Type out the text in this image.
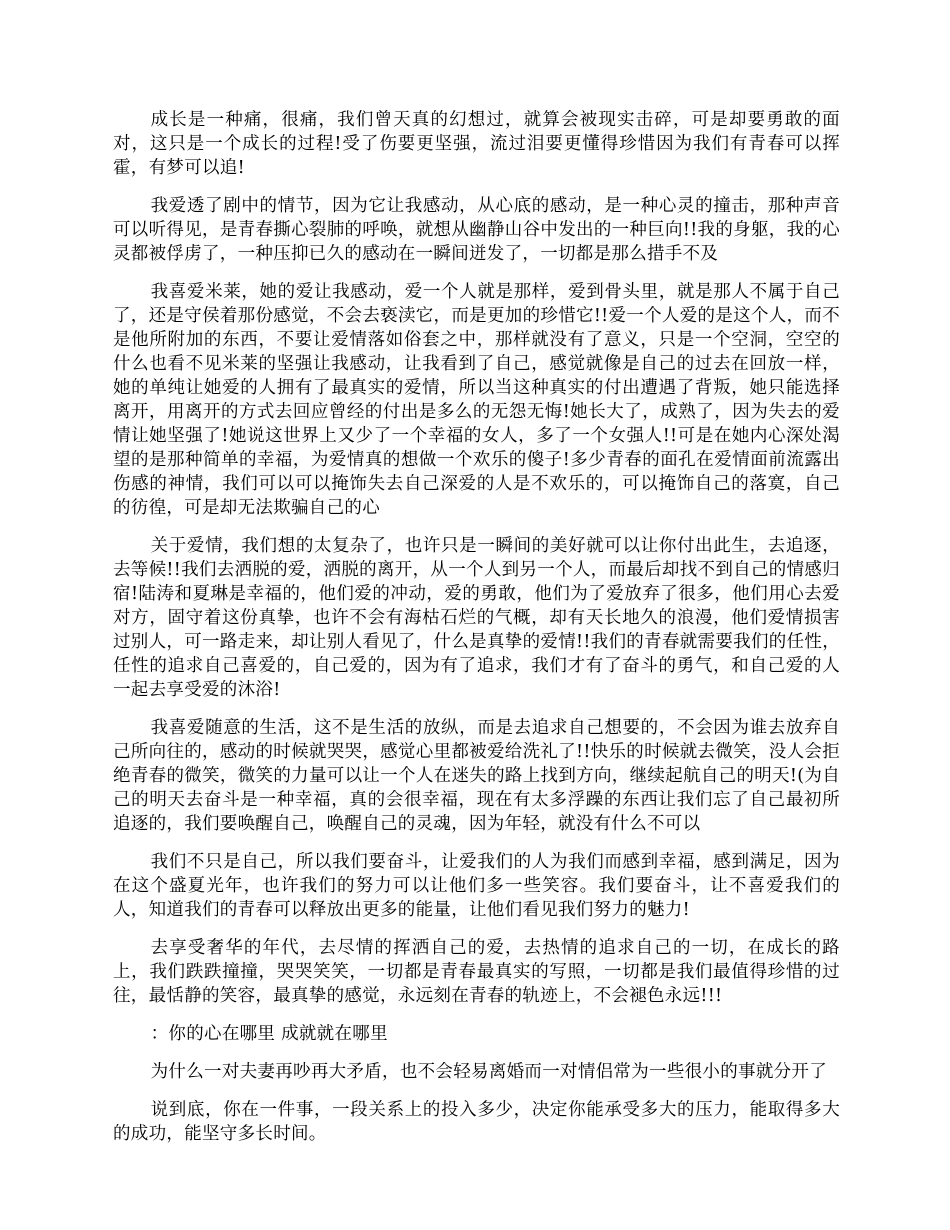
成长是一种痛，很痛，我们曾天真的幻想过，就算会被现实击碎，可是却要勇敢的面对，这只是一个成长的过程!受了伤要更坚强，流过泪要更懂得珍惜因为我们有青春可以挥霍，有梦可以追!

我爱透了剧中的情节，因为它让我感动，从心底的感动，是一种心灵的撞击，那种声音可以听得见，是青春撕心裂肺的呼唤，就想从幽静山谷中发出的一种巨向!!我的身躯，我的心灵都被俘虏了，一种压抑已久的感动在一瞬间迸发了，一切都是那么措手不及

我喜爱米莱，她的爱让我感动，爱一个人就是那样，爱到骨头里，就是那人不属于自己了，还是守侯着那份感觉，不会去亵渎它，而是更加的珍惜它!!爱一个人爱的是这个人，而不是他所附加的东西，不要让爱情落如俗套之中，那样就没有了意义，只是一个空洞，空空的什么也看不见米莱的坚强让我感动，让我看到了自己，感觉就像是自己的过去在回放一样，她的单纯让她爱的人拥有了最真实的爱情，所以当这种真实的付出遭遇了背叛，她只能选择离开，用离开的方式去回应曾经的付出是多么的无怨无悔!她长大了，成熟了，因为失去的爱情让她坚强了!她说这世界上又少了一个幸福的女人，多了一个女强人!!可是在她内心深处渴望的是那种简单的幸福，为爱情真的想做一个欢乐的傻子!多少青春的面孔在爱情面前流露出伤感的神情，我们可以可以掩饰失去自己深爱的人是不欢乐的，可以掩饰自己的落寞，自己的彷徨，可是却无法欺骗自己的心

关于爱情，我们想的太复杂了，也许只是一瞬间的美好就可以让你付出此生，去追逐，去等候!!我们去洒脱的爱，洒脱的离开，从一个人到另一个人，而最后却找不到自己的情感归宿!陆涛和夏琳是幸福的，他们爱的冲动，爱的勇敢，他们为了爱放弃了很多，他们用心去爱对方，固守着这份真挚，也许不会有海枯石烂的气概，却有天长地久的浪漫，他们爱情损害过别人，可一路走来，却让别人看见了，什么是真挚的爱情!!我们的青春就需要我们的任性，任性的追求自己喜爱的，自己爱的，因为有了追求，我们才有了奋斗的勇气，和自己爱的人一起去享受爱的沐浴!

我喜爱随意的生活，这不是生活的放纵，而是去追求自己想要的，不会因为谁去放弃自己所向往的，感动的时候就哭哭，感觉心里都被爱给洗礼了!!快乐的时候就去微笑，没人会拒绝青春的微笑，微笑的力量可以让一个人在迷失的路上找到方向，继续起航自己的明天!(为自己的明天去奋斗是一种幸福，真的会很幸福，现在有太多浮躁的东西让我们忘了自己最初所追逐的，我们要唤醒自己，唤醒自己的灵魂，因为年轻，就没有什么不可以

我们不只是自己，所以我们要奋斗，让爱我们的人为我们而感到幸福，感到满足，因为在这个盛夏光年，也许我们的努力可以让他们多一些笑容。我们要奋斗，让不喜爱我们的人，知道我们的青春可以释放出更多的能量，让他们看见我们努力的魅力!

去享受奢华的年代，去尽情的挥洒自己的爱，去热情的追求自己的一切，在成长的路上，我们跌跌撞撞，哭哭笑笑，一切都是青春最真实的写照，一切都是我们最值得珍惜的过往，最恬静的笑容，最真挚的感觉，永远刻在青春的轨迹上，不会褪色永远!!!

：你的心在哪里 成就就在哪里

为什么一对夫妻再吵再大矛盾，也不会轻易离婚而一对情侣常为一些很小的事就分开了

说到底，你在一件事，一段关系上的投入多少，决定你能承受多大的压力，能取得多大的成功，能坚守多长时间。
